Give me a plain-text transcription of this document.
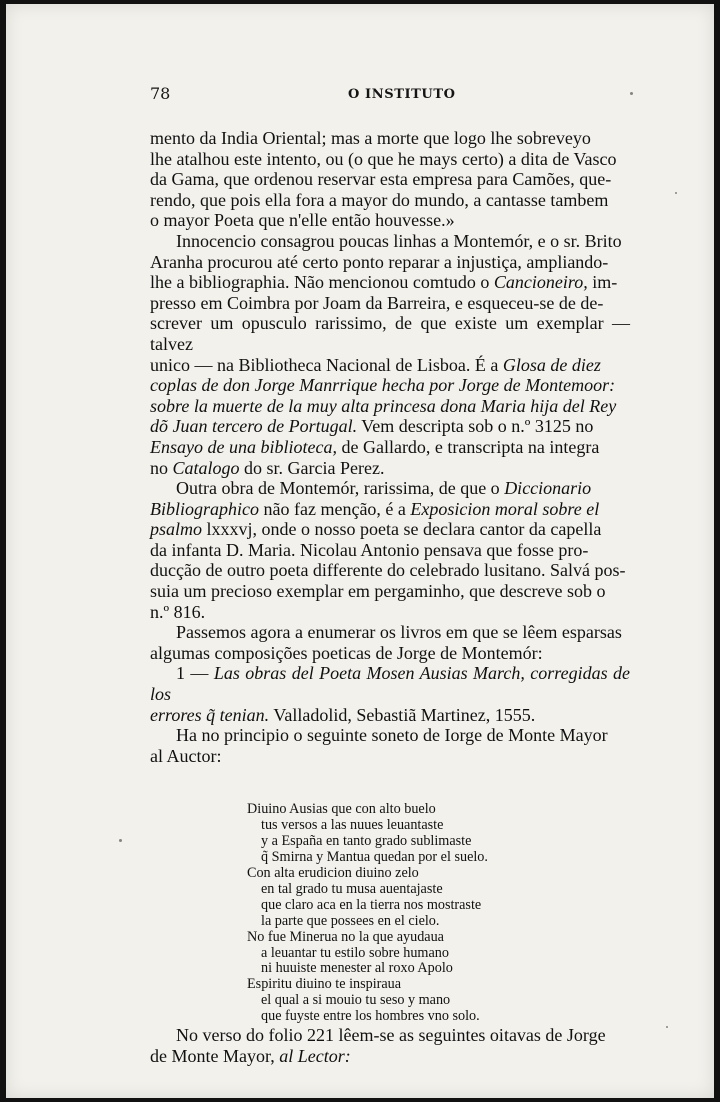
78	O INSTITUTO

mento da India Oriental; mas a morte que logo lhe sobreveyo
lhe atalhou este intento, ou (o que he mays certo) a dita de Vasco
da Gama, que ordenou reservar esta empresa para Camões, que-
rendo, que pois ella fora a mayor do mundo, a cantasse tambem
o mayor Poeta que n'elle então houvesse.»

Innocencio consagrou poucas linhas a Montemór, e o sr. Brito
Aranha procurou até certo ponto reparar a injustiça, ampliando-
lhe a bibliographia. Não mencionou comtudo o Cancioneiro, im-
presso em Coimbra por Joam da Barreira, e esqueceu-se de de-
screver um opusculo rarissimo, de que existe um exemplar — talvez
unico — na Bibliotheca Nacional de Lisboa. É a Glosa de diez
coplas de don Jorge Manrrique hecha por Jorge de Montemoor:
sobre la muerte de la muy alta princesa dona Maria hija del Rey
dõ Juan tercero de Portugal. Vem descripta sob o n.º 3125 no
Ensayo de una biblioteca, de Gallardo, e transcripta na integra
no Catalogo do sr. Garcia Perez.

Outra obra de Montemór, rarissima, de que o Diccionario
Bibliographico não faz menção, é a Exposicion moral sobre el
psalmo lxxxvj, onde o nosso poeta se declara cantor da capella
da infanta D. Maria. Nicolau Antonio pensava que fosse pro-
ducção de outro poeta differente do celebrado lusitano. Salvá pos-
suia um precioso exemplar em pergaminho, que descreve sob o
n.º 816.

Passemos agora a enumerar os livros em que se lêem esparsas
algumas composições poeticas de Jorge de Montemór:

1 — Las obras del Poeta Mosen Ausias March, corregidas de los
errores q̃ tenian. Valladolid, Sebastiã Martinez, 1555.

Ha no principio o seguinte soneto de Iorge de Monte Mayor
al Auctor:

Diuino Ausias que con alto buelo
tus versos a las nuues leuantaste
y a España en tanto grado sublimaste
q̃ Smirna y Mantua quedan por el suelo.
Con alta erudicion diuino zelo
en tal grado tu musa auentajaste
que claro aca en la tierra nos mostraste
la parte que possees en el cielo.
No fue Mineruа no la que ayudaua
a leuantar tu estilo sobre humano
ni huuiste menester al roxo Apolo
Espiritu diuino te inspiraua
el qual a si mouio tu seso y mano
que fuyste entre los hombres vno solo.

No verso do folio 221 lêem-se as seguintes oitavas de Jorge
de Monte Mayor, al Lector:
